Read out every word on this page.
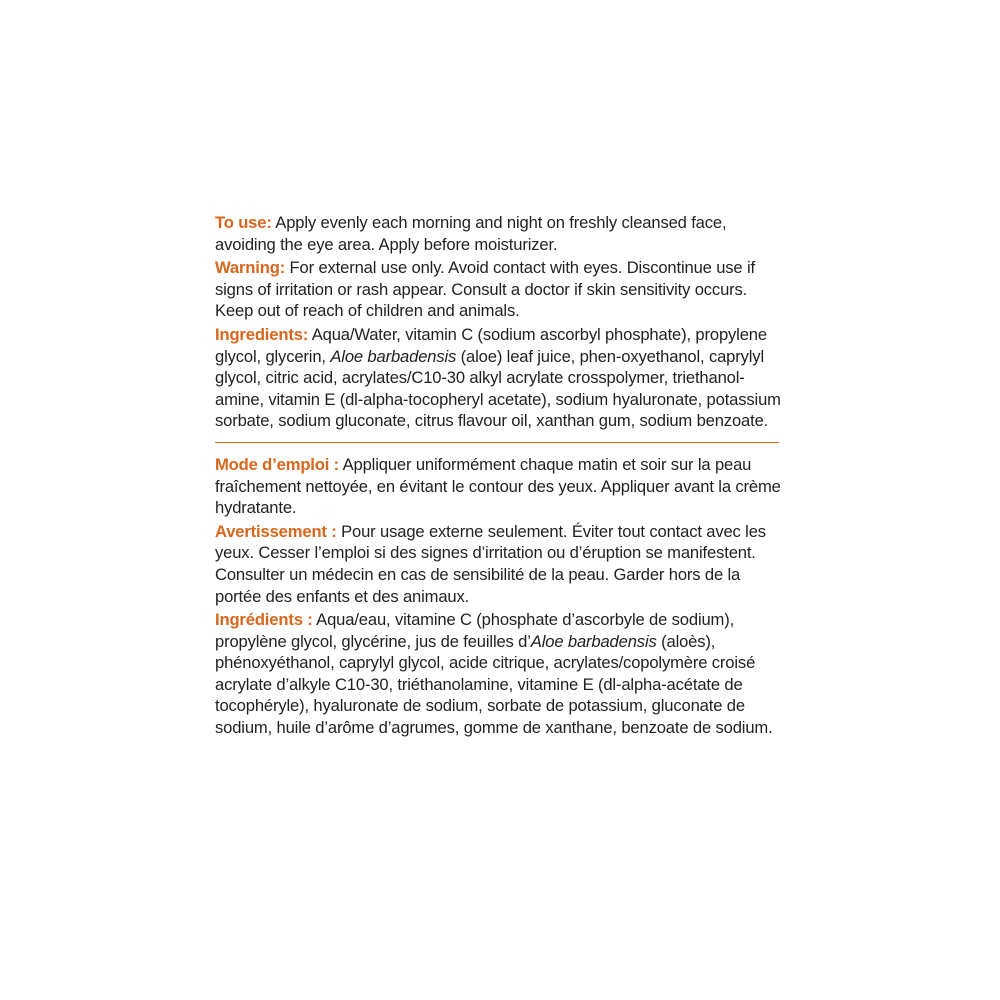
To use: Apply evenly each morning and night on freshly cleansed face, avoiding the eye area. Apply before moisturizer.

Warning: For external use only. Avoid contact with eyes. Discontinue use if signs of irritation or rash appear. Consult a doctor if skin sensitivity occurs. Keep out of reach of children and animals.

Ingredients: Aqua/Water, vitamin C (sodium ascorbyl phosphate), propylene glycol, glycerin, Aloe barbadensis (aloe) leaf juice, phen-oxyethanol, caprylyl glycol, citric acid, acrylates/C10-30 alkyl acrylate crosspolymer, triethanol- amine, vitamin E (dl-alpha-tocopheryl acetate), sodium hyaluronate, potassium sorbate, sodium gluconate, citrus flavour oil, xanthan gum, sodium benzoate.

Mode d’emploi : Appliquer uniformément chaque matin et soir sur la peau fraîchement nettoyée, en évitant le contour des yeux. Appliquer avant la crème hydratante.

Avertissement : Pour usage externe seulement. Éviter tout contact avec les yeux. Cesser l’emploi si des signes d’irritation ou d’éruption se manifestent. Consulter un médecin en cas de sensibilité de la peau. Garder hors de la portée des enfants et des animaux.

Ingrédients : Aqua/eau, vitamine C (phosphate d’ascorbyle de sodium), propylène glycol, glycérine, jus de feuilles d’Aloe barbadensis (aloès), phénoxyéthanol, caprylyl glycol, acide citrique, acrylates/copolymère croisé acrylate d’alkyle C10-30, triéthanolamine, vitamine E (dl-alpha-acétate de tocophéryle), hyaluronate de sodium, sorbate de potassium, gluconate de sodium, huile d’arôme d’agrumes, gomme de xanthane, benzoate de sodium.
